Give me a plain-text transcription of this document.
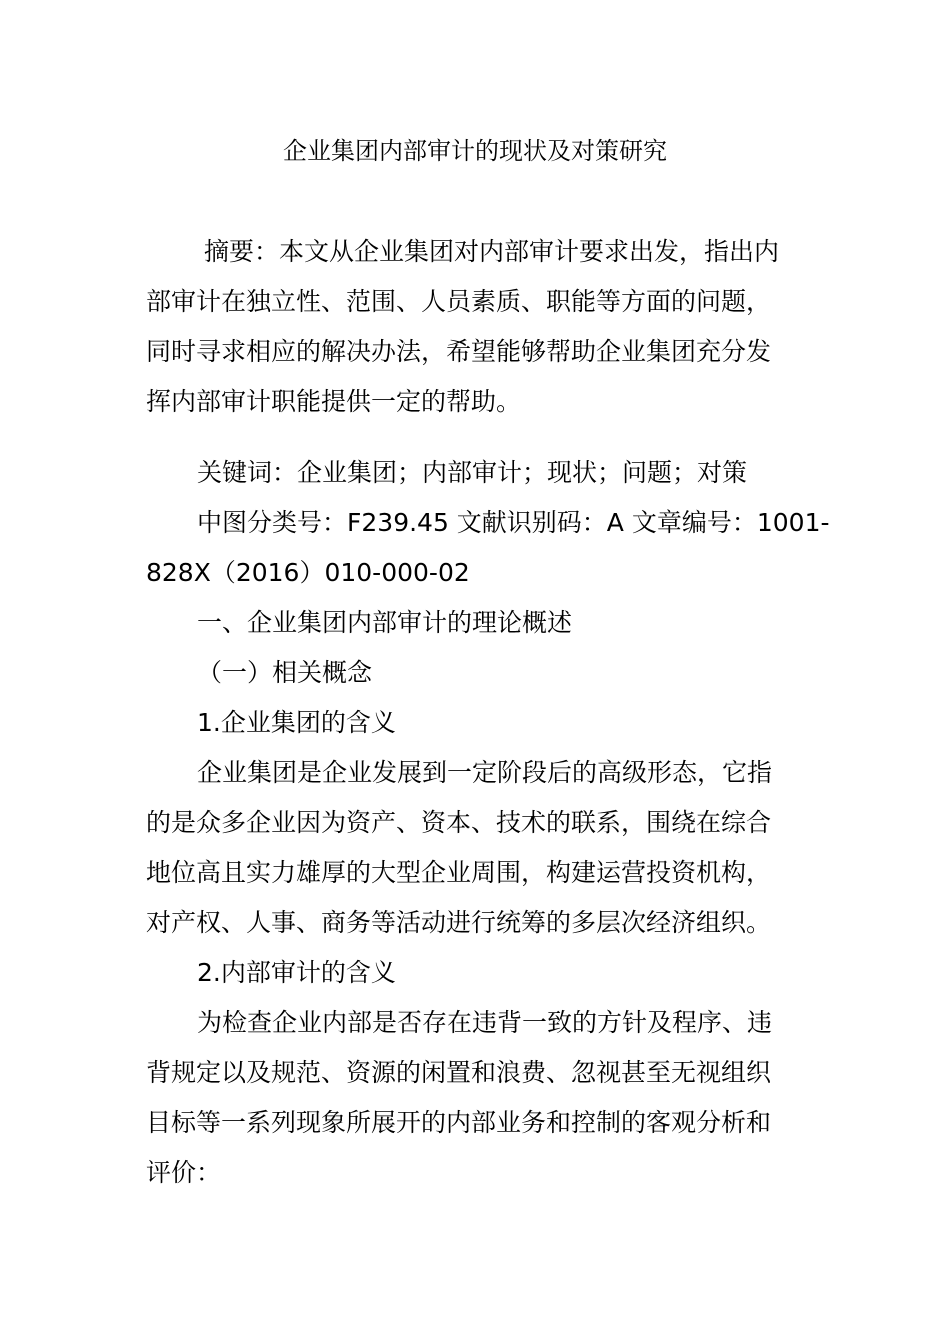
企业集团内部审计的现状及对策研究
摘要：本文从企业集团对内部审计要求出发，指出内
部审计在独立性、范围、人员素质、职能等方面的问题，
同时寻求相应的解决办法，希望能够帮助企业集团充分发
挥内部审计职能提供一定的帮助。
关键词：企业集团；内部审计；现状；问题；对策
中图分类号：F239.45 文献识别码：A 文章编号：1001-
828X（2016）010-000-02
一、企业集团内部审计的理论概述
（一）相关概念
1.企业集团的含义
企业集团是企业发展到一定阶段后的高级形态，它指
的是众多企业因为资产、资本、技术的联系，围绕在综合
地位高且实力雄厚的大型企业周围，构建运营投资机构，
对产权、人事、商务等活动进行统筹的多层次经济组织。
2.内部审计的含义
为检查企业内部是否存在违背一致的方针及程序、违
背规定以及规范、资源的闲置和浪费、忽视甚至无视组织
目标等一系列现象所展开的内部业务和控制的客观分析和
评价：
